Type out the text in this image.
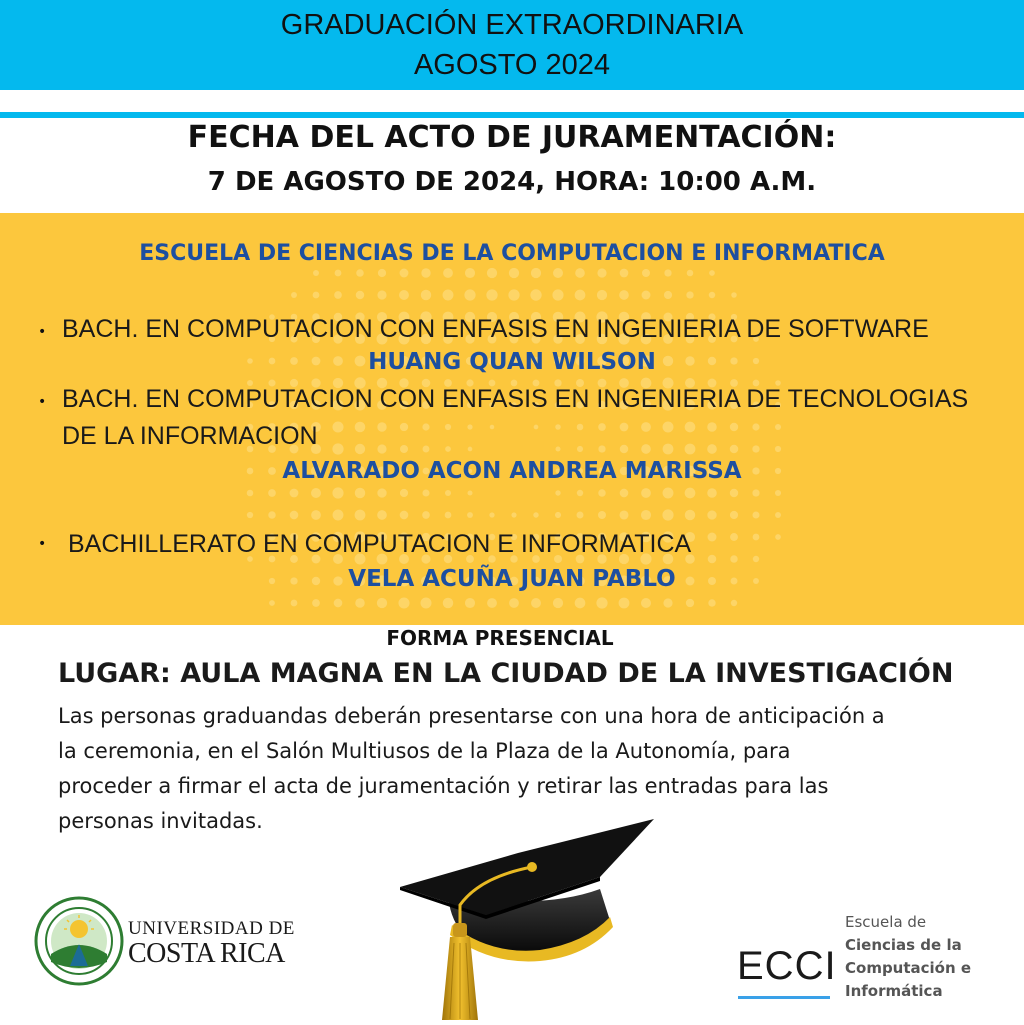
GRADUACIÓN EXTRAORDINARIA
AGOSTO 2024
FECHA DEL ACTO DE JURAMENTACIÓN:
7 DE AGOSTO DE 2024, HORA: 10:00 A.M.
ESCUELA DE CIENCIAS DE LA COMPUTACION E INFORMATICA
• BACH. EN COMPUTACION CON ENFASIS EN INGENIERIA DE SOFTWARE
HUANG QUAN WILSON
• BACH. EN COMPUTACION CON ENFASIS EN INGENIERIA DE TECNOLOGIAS
DE LA INFORMACION
ALVARADO ACON ANDREA MARISSA
• BACHILLERATO EN COMPUTACION E INFORMATICA
VELA ACUÑA JUAN PABLO
FORMA PRESENCIAL
LUGAR: AULA MAGNA EN LA CIUDAD DE LA INVESTIGACIÓN
Las personas graduandas deberán presentarse con una hora de anticipación a
la ceremonia, en el Salón Multiusos de la Plaza de la Autonomía, para
proceder a firmar el acta de juramentación y retirar las entradas para las
personas invitadas.
UNIVERSIDAD DE
COSTA RICA	ECCI
Escuela de
Ciencias de la
Computación e
Informática
